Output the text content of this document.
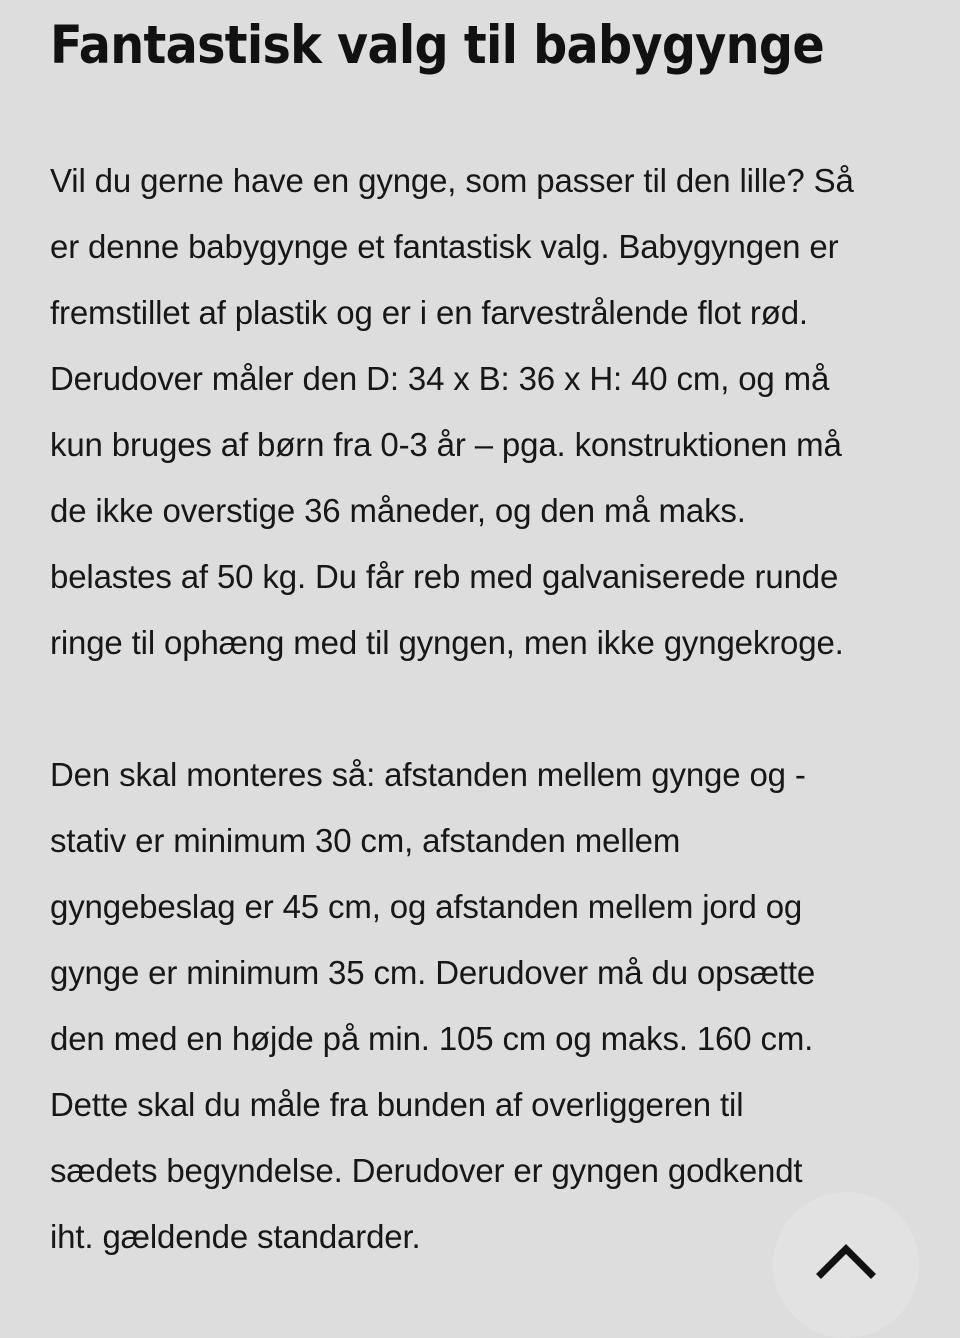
Fantastisk valg til babygynge

Vil du gerne have en gynge, som passer til den lille? Så
er denne babygynge et fantastisk valg. Babygyngen er
fremstillet af plastik og er i en farvestrålende flot rød.
Derudover måler den D: 34 x B: 36 x H: 40 cm, og må
kun bruges af børn fra 0-3 år – pga. konstruktionen må
de ikke overstige 36 måneder, og den må maks.
belastes af 50 kg. Du får reb med galvaniserede runde
ringe til ophæng med til gyngen, men ikke gyngekroge.

Den skal monteres så: afstanden mellem gynge og -
stativ er minimum 30 cm, afstanden mellem
gyngebeslag er 45 cm, og afstanden mellem jord og
gynge er minimum 35 cm. Derudover må du opsætte
den med en højde på min. 105 cm og maks. 160 cm.
Dette skal du måle fra bunden af overliggeren til
sædets begyndelse. Derudover er gyngen godkendt
iht. gældende standarder.
